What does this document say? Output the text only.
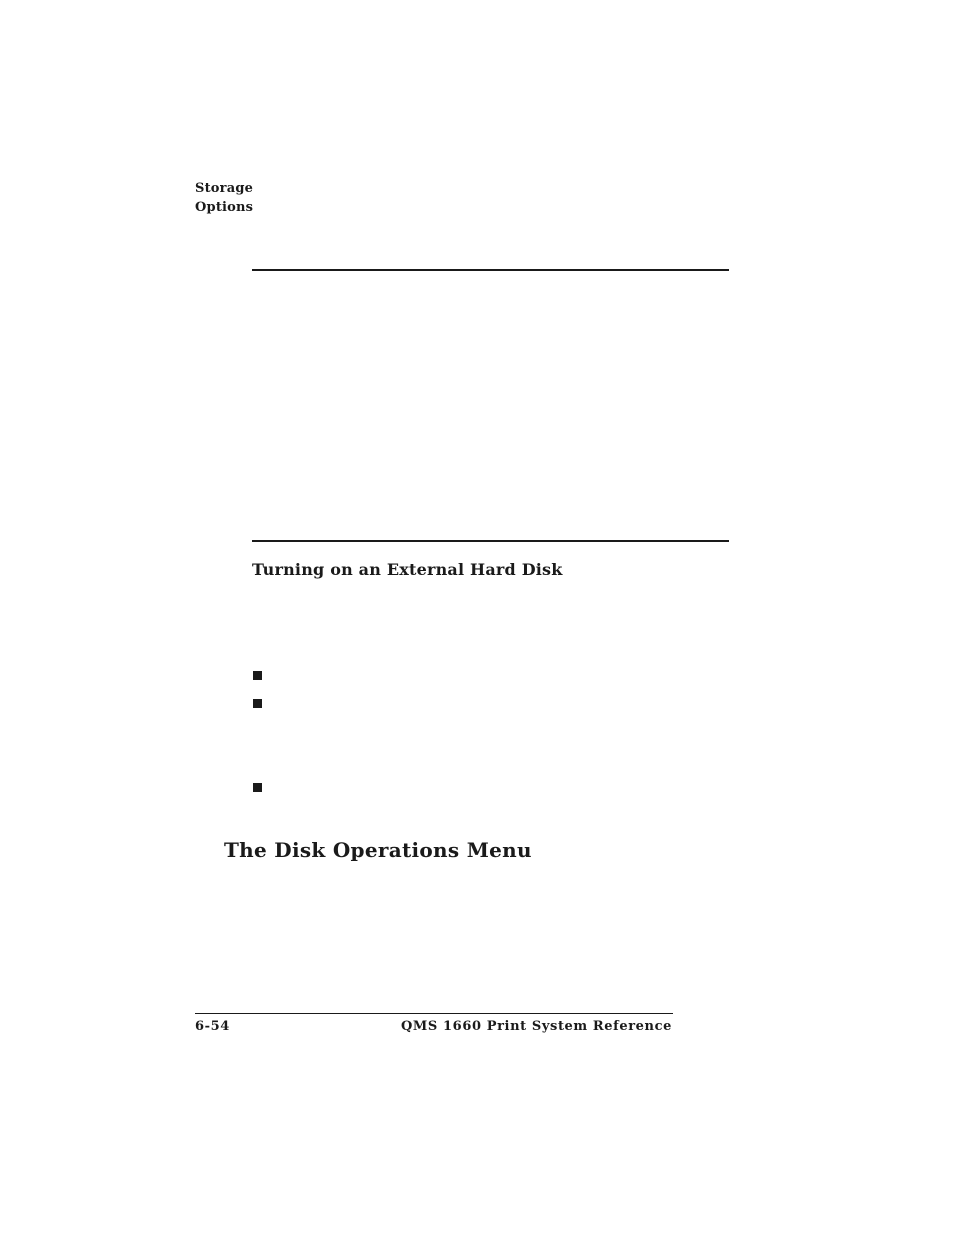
Storage
Options
Turning on an External Hard Disk
The Disk Operations Menu
6-54	QMS 1660 Print System Reference
